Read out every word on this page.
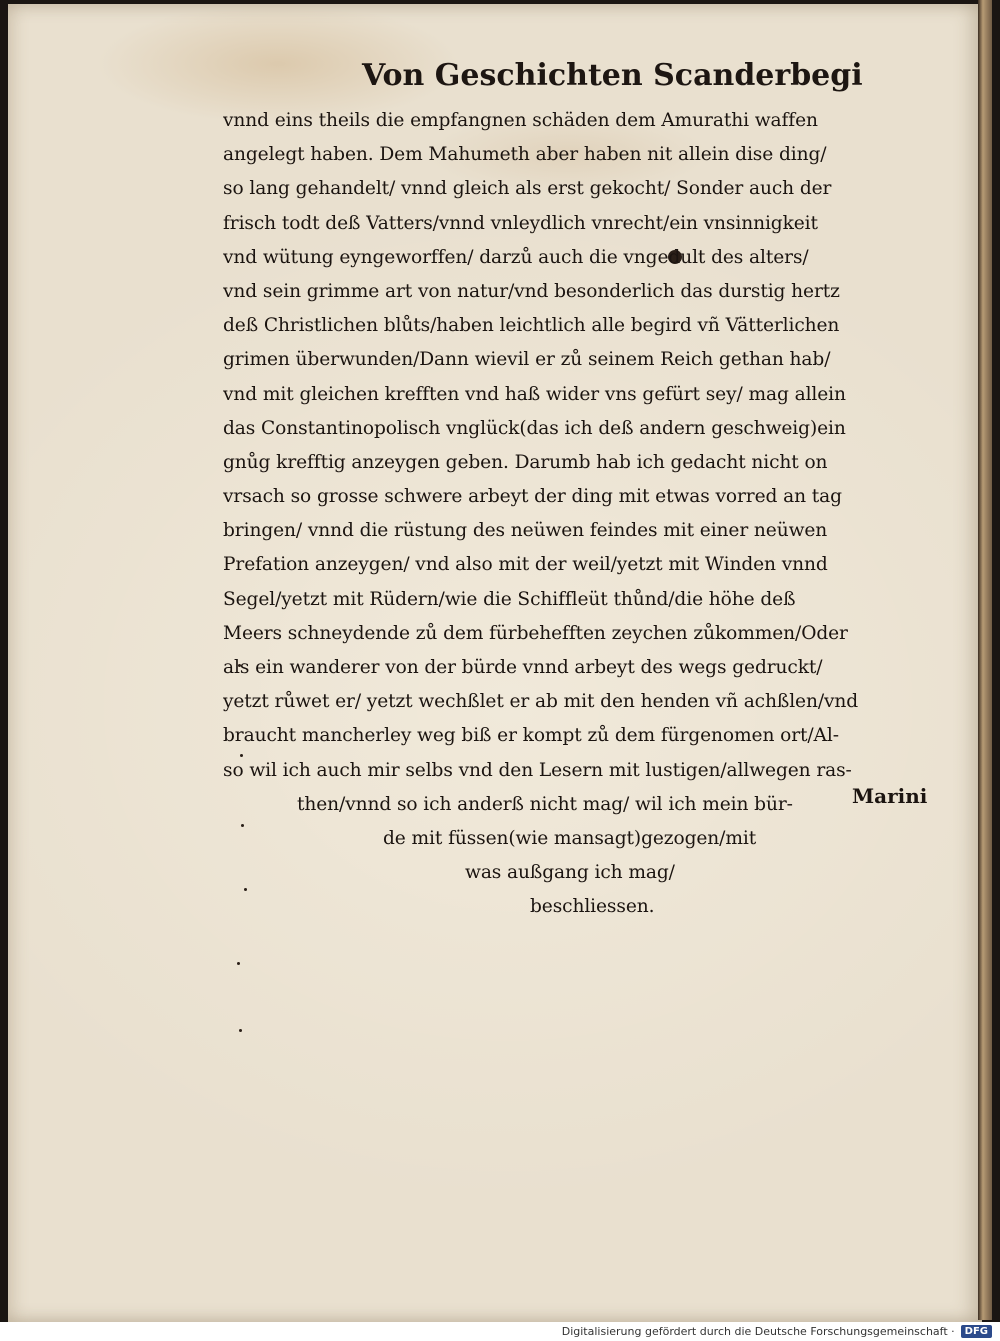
Von Geschichten Scanderbegi
vnnd eins theils die empfangnen schäden dem Amurathi waffen
angelegt haben. Dem Mahumeth aber haben nit allein dise ding/
so lang gehandelt/ vnnd gleich als erst gekocht/ Sonder auch der
frisch todt deß Vatters/vnnd vnleydlich vnrecht/ein vnsinnigkeit
vnd wütung eyngeworffen/ darzů auch die vngedult des alters/
vnd sein grimme art von natur/vnd besonderlich das durstig hertz
deß Christlichen blůts/haben leichtlich alle begird vñ Vätterlichen
grimen überwunden/Dann wievil er zů seinem Reich gethan hab/
vnd mit gleichen krefften vnd haß wider vns gefürt sey/ mag allein
das Constantinopolisch vnglück(das ich deß andern geschweig)ein
gnůg krefftig anzeygen geben. Darumb hab ich gedacht nicht on
vrsach so grosse schwere arbeyt der ding mit etwas vorred an tag
bringen/ vnnd die rüstung des neüwen feindes mit einer neüwen
Prefation anzeygen/ vnd also mit der weil/yetzt mit Winden vnnd
Segel/yetzt mit Rüdern/wie die Schiffleüt thůnd/die höhe deß
Meers schneydende zů dem fürbehefften zeychen zůkommen/Oder
als ein wanderer von der bürde vnnd arbeyt des wegs gedruckt/
yetzt růwet er/ yetzt wechßlet er ab mit den henden vñ achßlen/vnd
braucht mancherley weg biß er kompt zů dem fürgenomen ort/Al-
so wil ich auch mir selbs vnd den Lesern mit lustigen/allwegen ras-
then/vnnd so ich anderß nicht mag/ wil ich mein bür-
de mit füssen(wie mansagt)gezogen/mit
was außgang ich mag/
beschliessen.
Marini
Digitalisierung gefördert durch die Deutsche Forschungsgemeinschaft ·	DFG
